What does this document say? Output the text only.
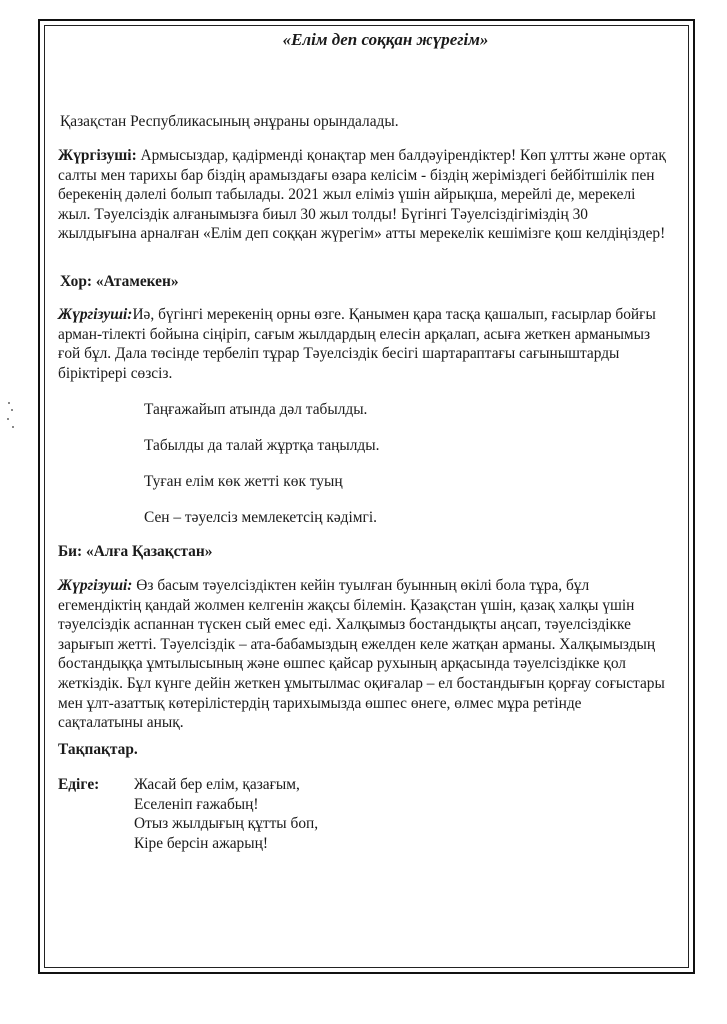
«Елім деп соққан жүрегім»

Қазақстан Республикасының әнұраны орындалады.

Жүргізуші: Армысыздар, қадірменді қонақтар мен балдәуірендіктер! Көп ұлтты және ортақ салты мен тарихы бар біздің арамыздағы өзара келісім - біздің жеріміздегі бейбітшілік пен берекенің дәлелі болып табылады. 2021 жыл еліміз үшін айрықша, мерейлі де, мерекелі жыл. Тәуелсіздік алғанымызға биыл 30 жыл толды! Бүгінгі Тәуелсіздігіміздің 30 жылдығына арналған «Елім деп соққан жүрегім» атты мерекелік кешімізге қош келдіңіздер!

Хор: «Атамекен»

Жүргізуші:Иә, бүгінгі мерекенің орны өзге. Қанымен қара тасқа қашалып, ғасырлар бойғы арман-тілекті бойына сіңіріп, сағым жылдардың елесін арқалап, асыға жеткен арманымыз ғой бұл. Дала төсінде тербеліп тұрар Тәуелсіздік бесігі шартараптағы сағыныштарды біріктірері сөзсіз.

Таңғажайып атында дәл табылды.

Табылды да талай жұртқа таңылды.

Туған елім көк жетті көк туың

Сен – тәуелсіз мемлекетсің кәдімгі.

Би: «Алға Қазақстан»

Жүргізуші: Өз басым тәуелсіздіктен кейін туылған буынның өкілі бола тұра, бұл егемендіктің қандай жолмен келгенін жақсы білемін. Қазақстан үшін, қазақ халқы үшін тәуелсіздік аспаннан түскен сый емес еді. Халқымыз бостандықты аңсап, тәуелсіздікке зарығып жетті. Тәуелсіздік – ата-бабамыздың ежелден келе жатқан арманы. Халқымыздың бостандыққа ұмтылысының және өшпес қайсар рухының арқасында тәуелсіздікке қол жеткіздік. Бұл күнге дейін жеткен ұмытылмас оқиғалар – ел бостандығын қорғау соғыстары мен ұлт-азаттық көтерілістердің тарихымызда өшпес өнеге, өлмес мұра ретінде сақталатыны анық.

Тақпақтар.

Едігe: Жасай бер елім, қазағым,
Еселеніп ғажабың!
Отыз жылдығың құтты боп,
Кіре берсін ажарың!
